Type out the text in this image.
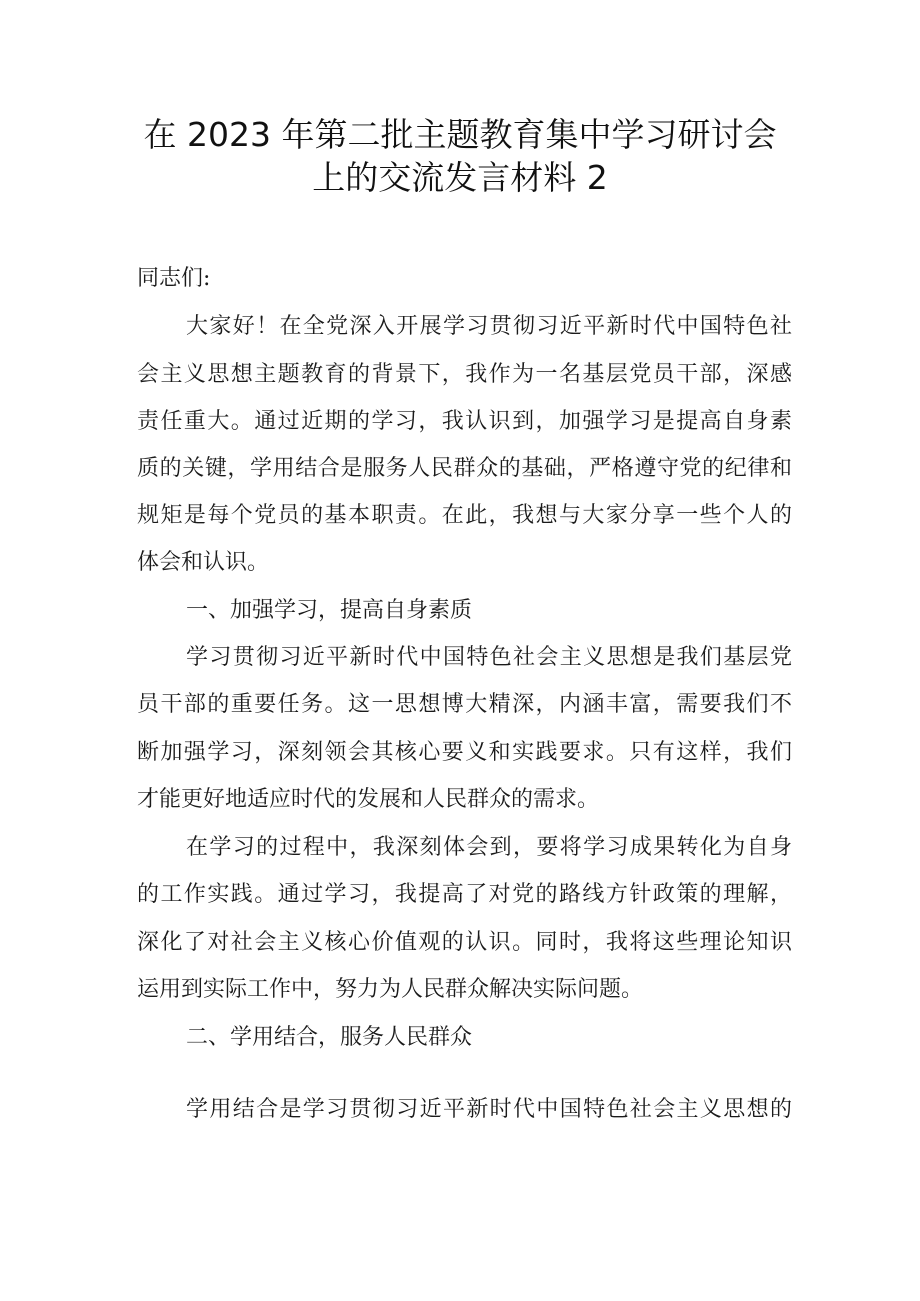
在 2023 年第二批主题教育集中学习研讨会
上的交流发言材料 2
同志们:
大家好！在全党深入开展学习贯彻习近平新时代中国特色社
会主义思想主题教育的背景下，我作为一名基层党员干部，深感
责任重大。通过近期的学习，我认识到，加强学习是提高自身素
质的关键，学用结合是服务人民群众的基础，严格遵守党的纪律和
规矩是每个党员的基本职责。在此，我想与大家分享一些个人的
体会和认识。
一、加强学习，提高自身素质
学习贯彻习近平新时代中国特色社会主义思想是我们基层党
员干部的重要任务。这一思想博大精深，内涵丰富，需要我们不
断加强学习，深刻领会其核心要义和实践要求。只有这样，我们
才能更好地适应时代的发展和人民群众的需求。
在学习的过程中，我深刻体会到，要将学习成果转化为自身
的工作实践。通过学习，我提高了对党的路线方针政策的理解，
深化了对社会主义核心价值观的认识。同时，我将这些理论知识
运用到实际工作中，努力为人民群众解决实际问题。
二、学用结合，服务人民群众
学用结合是学习贯彻习近平新时代中国特色社会主义思想的
